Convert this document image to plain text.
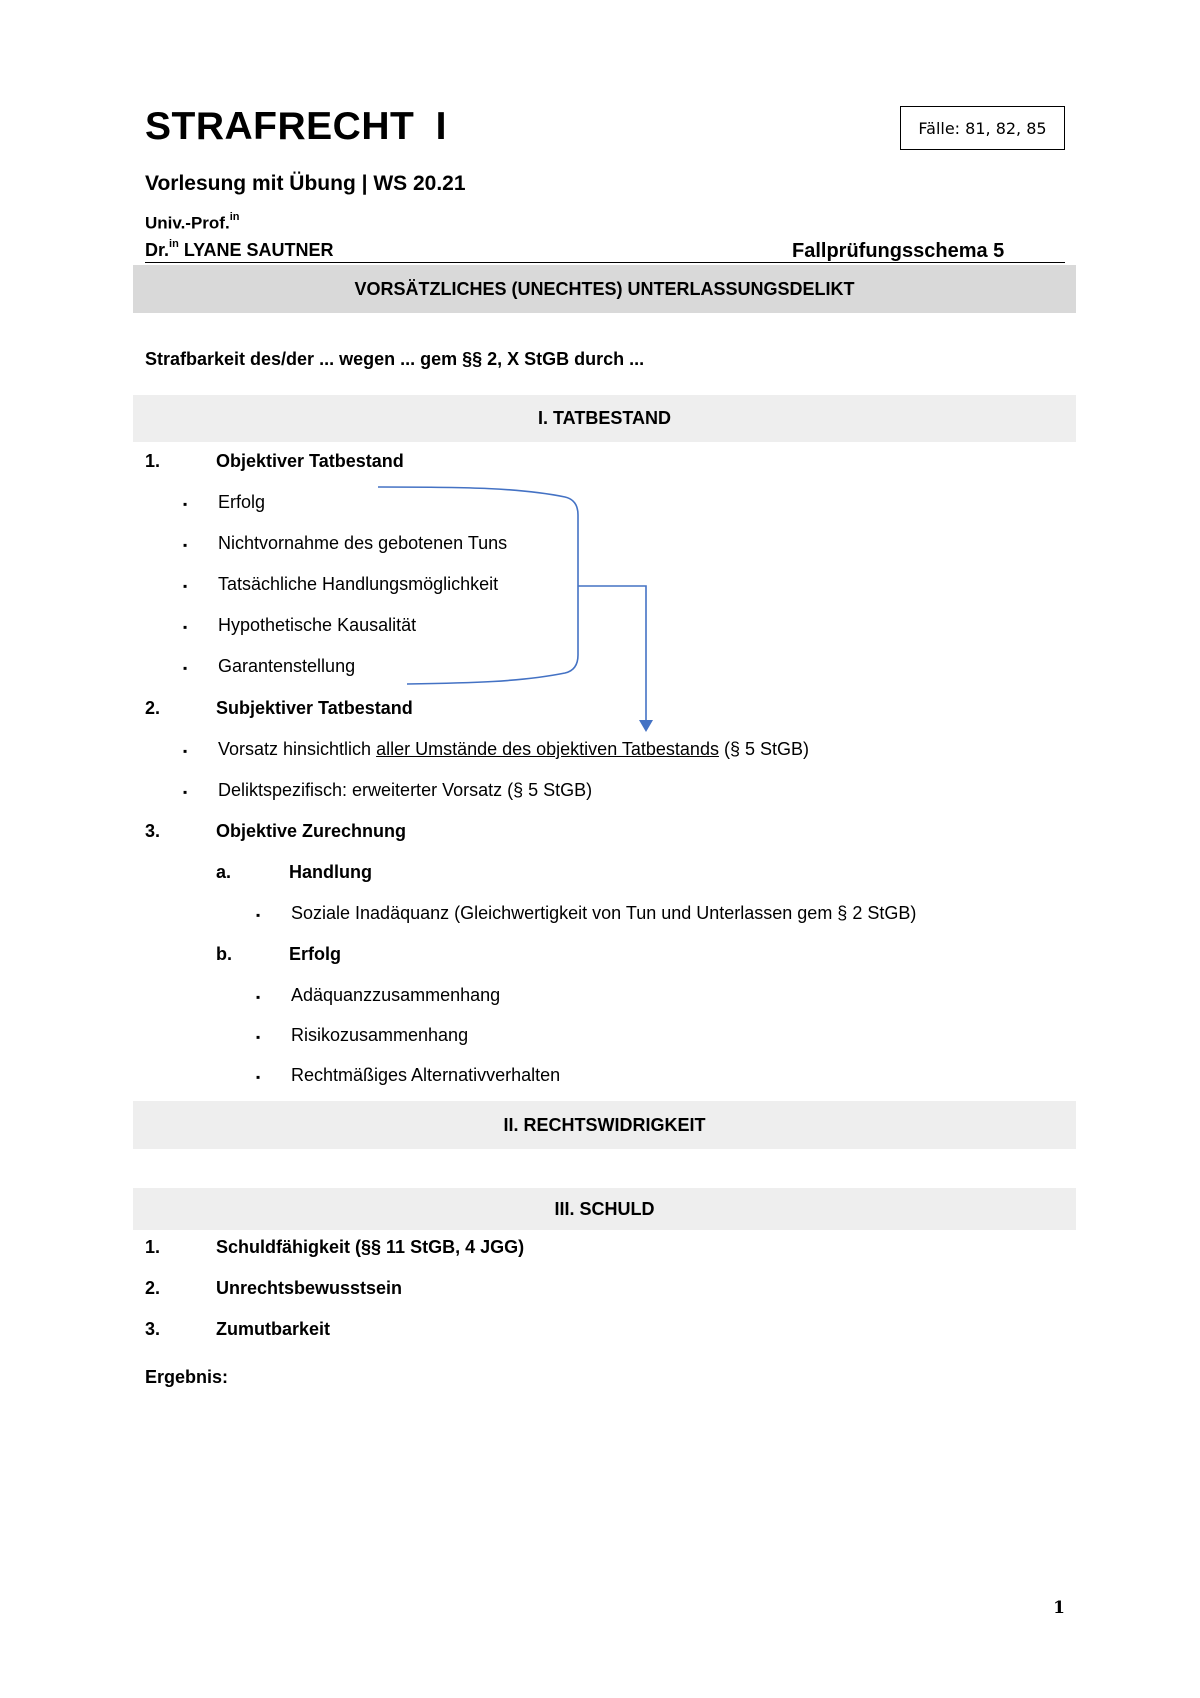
STRAFRECHT I	Fälle: 81, 82, 85
Vorlesung mit Übung | WS 20.21
Univ.-Prof.$^{in}$
Dr.$^{in}$ LYANE SAUTNER	Fallprüfungsschema 5
VORSÄTZLICHES (UNECHTES) UNTERLASSUNGSDELIKT
Strafbarkeit des/der ... wegen ... gem §§ 2, X StGB durch ...
I. TATBESTAND
1.	Objektiver Tatbestand
▪ Erfolg
▪ Nichtvornahme des gebotenen Tuns
▪ Tatsächliche Handlungsmöglichkeit
▪ Hypothetische Kausalität
▪ Garantenstellung
2.	Subjektiver Tatbestand
▪ Vorsatz hinsichtlich aller Umstände des objektiven Tatbestands (§ 5 StGB)
▪ Deliktspezifisch: erweiterter Vorsatz (§ 5 StGB)
3.	Objektive Zurechnung
a.	Handlung
▪ Soziale Inadäquanz (Gleichwertigkeit von Tun und Unterlassen gem § 2 StGB)
b.	Erfolg
▪ Adäquanzzusammenhang
▪ Risikozusammenhang
▪ Rechtmäßiges Alternativverhalten
II. RECHTSWIDRIGKEIT
III. SCHULD
1.	Schuldfähigkeit (§§ 11 StGB, 4 JGG)
2.	Unrechtsbewusstsein
3.	Zumutbarkeit
Ergebnis:
1
